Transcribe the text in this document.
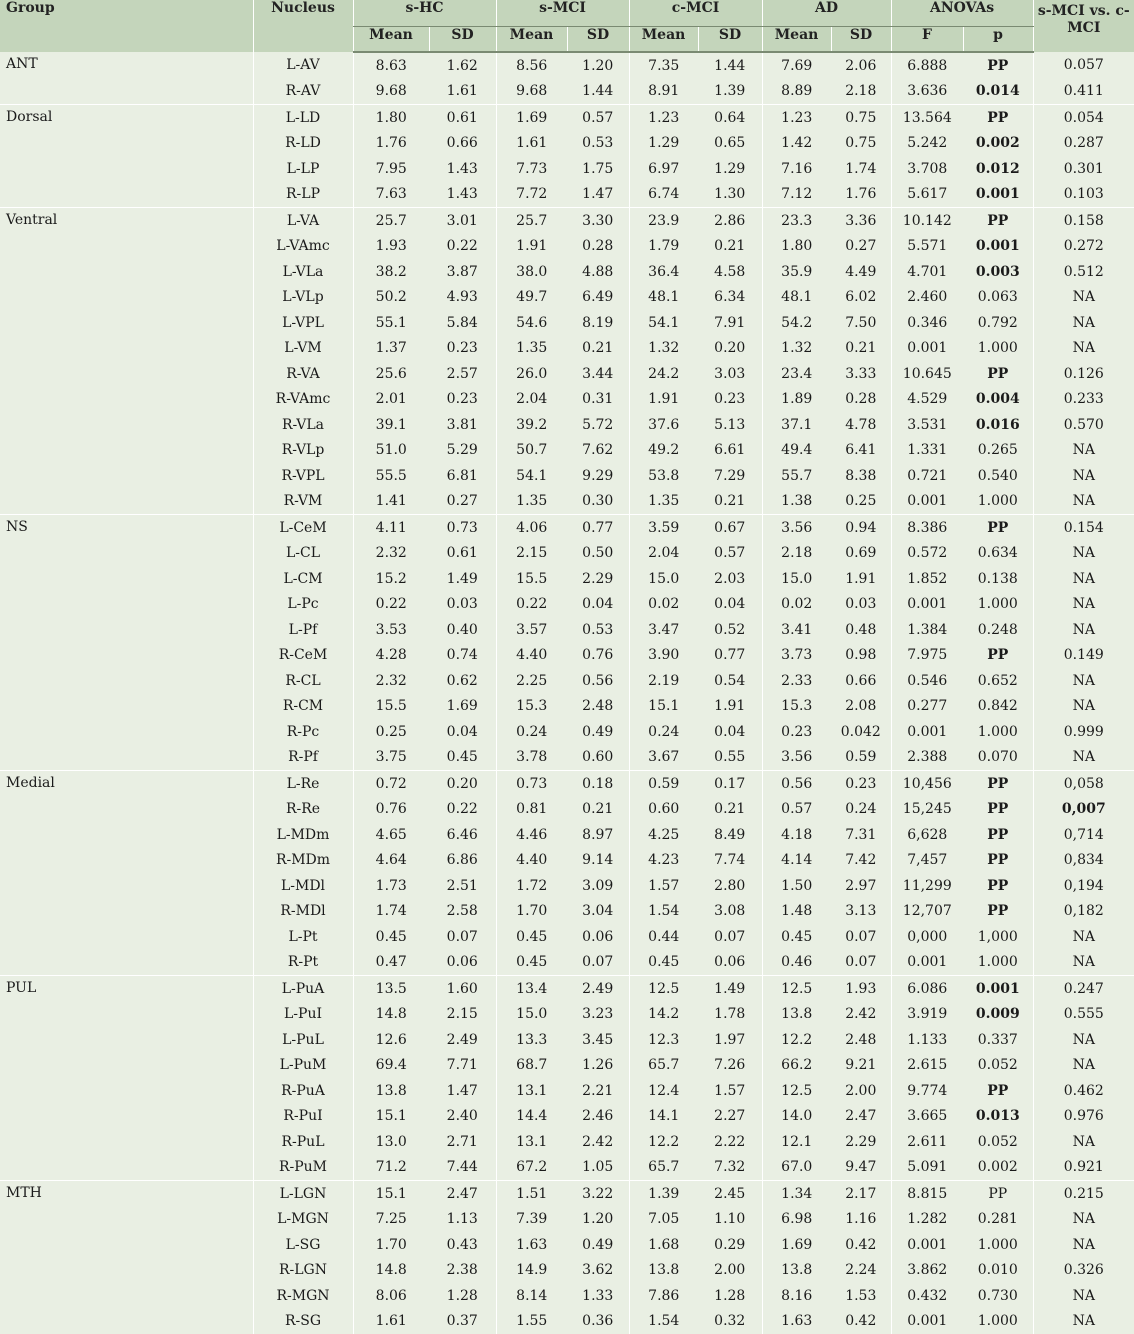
Group	Nucleus	s-HC		s-MCI		c-MCI		AD		ANOVAs		s-MCI vs. c-MCI
		Mean	SD	Mean	SD	Mean	SD	Mean	SD	F	p	
ANT	L-AV	8.63	1.62	8.56	1.20	7.35	1.44	7.69	2.06	6.888	PP	0.057
	R-AV	9.68	1.61	9.68	1.44	8.91	1.39	8.89	2.18	3.636	0.014	0.411
Dorsal	L-LD	1.80	0.61	1.69	0.57	1.23	0.64	1.23	0.75	13.564	PP	0.054
	R-LD	1.76	0.66	1.61	0.53	1.29	0.65	1.42	0.75	5.242	0.002	0.287
	L-LP	7.95	1.43	7.73	1.75	6.97	1.29	7.16	1.74	3.708	0.012	0.301
	R-LP	7.63	1.43	7.72	1.47	6.74	1.30	7.12	1.76	5.617	0.001	0.103
Ventral	L-VA	25.7	3.01	25.7	3.30	23.9	2.86	23.3	3.36	10.142	PP	0.158
	L-VAmc	1.93	0.22	1.91	0.28	1.79	0.21	1.80	0.27	5.571	0.001	0.272
	L-VLa	38.2	3.87	38.0	4.88	36.4	4.58	35.9	4.49	4.701	0.003	0.512
	L-VLp	50.2	4.93	49.7	6.49	48.1	6.34	48.1	6.02	2.460	0.063	NA
	L-VPL	55.1	5.84	54.6	8.19	54.1	7.91	54.2	7.50	0.346	0.792	NA
	L-VM	1.37	0.23	1.35	0.21	1.32	0.20	1.32	0.21	0.001	1.000	NA
	R-VA	25.6	2.57	26.0	3.44	24.2	3.03	23.4	3.33	10.645	PP	0.126
	R-VAmc	2.01	0.23	2.04	0.31	1.91	0.23	1.89	0.28	4.529	0.004	0.233
	R-VLa	39.1	3.81	39.2	5.72	37.6	5.13	37.1	4.78	3.531	0.016	0.570
	R-VLp	51.0	5.29	50.7	7.62	49.2	6.61	49.4	6.41	1.331	0.265	NA
	R-VPL	55.5	6.81	54.1	9.29	53.8	7.29	55.7	8.38	0.721	0.540	NA
	R-VM	1.41	0.27	1.35	0.30	1.35	0.21	1.38	0.25	0.001	1.000	NA
NS	L-CeM	4.11	0.73	4.06	0.77	3.59	0.67	3.56	0.94	8.386	PP	0.154
	L-CL	2.32	0.61	2.15	0.50	2.04	0.57	2.18	0.69	0.572	0.634	NA
	L-CM	15.2	1.49	15.5	2.29	15.0	2.03	15.0	1.91	1.852	0.138	NA
	L-Pc	0.22	0.03	0.22	0.04	0.02	0.04	0.02	0.03	0.001	1.000	NA
	L-Pf	3.53	0.40	3.57	0.53	3.47	0.52	3.41	0.48	1.384	0.248	NA
	R-CeM	4.28	0.74	4.40	0.76	3.90	0.77	3.73	0.98	7.975	PP	0.149
	R-CL	2.32	0.62	2.25	0.56	2.19	0.54	2.33	0.66	0.546	0.652	NA
	R-CM	15.5	1.69	15.3	2.48	15.1	1.91	15.3	2.08	0.277	0.842	NA
	R-Pc	0.25	0.04	0.24	0.49	0.24	0.04	0.23	0.042	0.001	1.000	0.999
	R-Pf	3.75	0.45	3.78	0.60	3.67	0.55	3.56	0.59	2.388	0.070	NA
Medial	L-Re	0.72	0.20	0.73	0.18	0.59	0.17	0.56	0.23	10,456	PP	0,058
	R-Re	0.76	0.22	0.81	0.21	0.60	0.21	0.57	0.24	15,245	PP	0,007
	L-MDm	4.65	6.46	4.46	8.97	4.25	8.49	4.18	7.31	6,628	PP	0,714
	R-MDm	4.64	6.86	4.40	9.14	4.23	7.74	4.14	7.42	7,457	PP	0,834
	L-MDl	1.73	2.51	1.72	3.09	1.57	2.80	1.50	2.97	11,299	PP	0,194
	R-MDl	1.74	2.58	1.70	3.04	1.54	3.08	1.48	3.13	12,707	PP	0,182
	L-Pt	0.45	0.07	0.45	0.06	0.44	0.07	0.45	0.07	0,000	1,000	NA
	R-Pt	0.47	0.06	0.45	0.07	0.45	0.06	0.46	0.07	0.001	1.000	NA
PUL	L-PuA	13.5	1.60	13.4	2.49	12.5	1.49	12.5	1.93	6.086	0.001	0.247
	L-PuI	14.8	2.15	15.0	3.23	14.2	1.78	13.8	2.42	3.919	0.009	0.555
	L-PuL	12.6	2.49	13.3	3.45	12.3	1.97	12.2	2.48	1.133	0.337	NA
	L-PuM	69.4	7.71	68.7	1.26	65.7	7.26	66.2	9.21	2.615	0.052	NA
	R-PuA	13.8	1.47	13.1	2.21	12.4	1.57	12.5	2.00	9.774	PP	0.462
	R-PuI	15.1	2.40	14.4	2.46	14.1	2.27	14.0	2.47	3.665	0.013	0.976
	R-PuL	13.0	2.71	13.1	2.42	12.2	2.22	12.1	2.29	2.611	0.052	NA
	R-PuM	71.2	7.44	67.2	1.05	65.7	7.32	67.0	9.47	5.091	0.002	0.921
MTH	L-LGN	15.1	2.47	1.51	3.22	1.39	2.45	1.34	2.17	8.815	PP	0.215
	L-MGN	7.25	1.13	7.39	1.20	7.05	1.10	6.98	1.16	1.282	0.281	NA
	L-SG	1.70	0.43	1.63	0.49	1.68	0.29	1.69	0.42	0.001	1.000	NA
	R-LGN	14.8	2.38	14.9	3.62	13.8	2.00	13.8	2.24	3.862	0.010	0.326
	R-MGN	8.06	1.28	8.14	1.33	7.86	1.28	8.16	1.53	0.432	0.730	NA
	R-SG	1.61	0.37	1.55	0.36	1.54	0.32	1.63	0.42	0.001	1.000	NA
